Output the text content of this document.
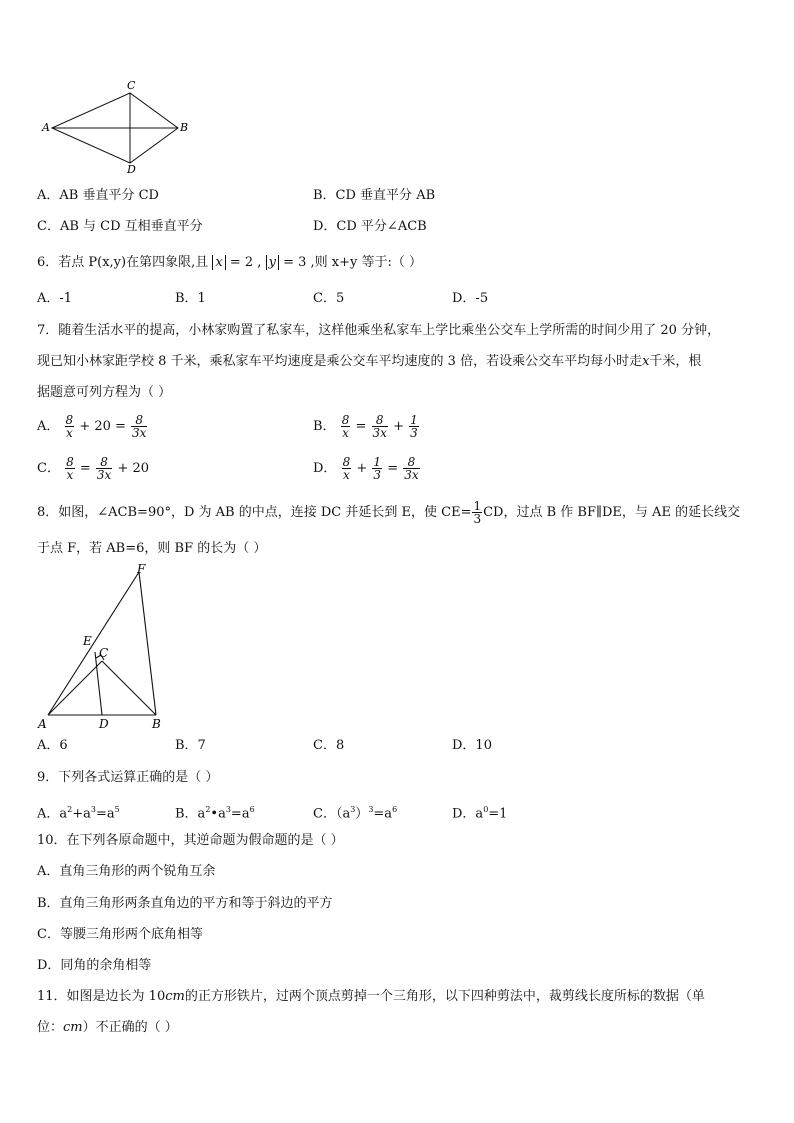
C
A	B
D
A．AB 垂直平分 CD	B．CD 垂直平分 AB
C．AB 与 CD 互相垂直平分	D．CD 平分∠ACB
6．若点 P(x,y)在第四象限,且 x = 2 , y = 3 ,则 x+y 等于:（ ）
A．-1	B．1	C．5	D．-5
7．随着生活水平的提高，小林家购置了私家车，这样他乘坐私家车上学比乘坐公交车上学所需的时间少用了 20 分钟，
现已知小林家距学校 8 千米，乘私家车平均速度是乘公交车平均速度的 3 倍，若设乘公交车平均每小时走x千米，根
据题意可列方程为（ ）
A． $\frac{8}{x} + 20 = \frac{8}{3x}$	B． $\frac{8}{x} = \frac{8}{3x} + \frac{1}{3}$
C． $\frac{8}{x} = \frac{8}{3x} + 20$	D． $\frac{8}{x} + \frac{1}{3} = \frac{8}{3x}$
8．如图，∠ACB=90°，D 为 AB 的中点，连接 DC 并延长到 E，使 $CE= \frac{1}{3}$ CD，过点 B 作 BF∥DE，与 AE 的延长线交
于点 F，若 AB=6，则 BF 的长为（ ）
F
E
C
A	D	B
A．6	B．7	C．8	D．10
9．下列各式运算正确的是（ ）
A．$a^2+a^3=a^5$	B．$a^2•a^3=a^6$	C．$(a^3)^3=a^6$	D．$a^0=1$
10．在下列各原命题中，其逆命题为假命题的是（ ）
A．直角三角形的两个锐角互余
B．直角三角形两条直角边的平方和等于斜边的平方
C．等腰三角形两个底角相等
D．同角的余角相等
11．如图是边长为 10cm的正方形铁片，过两个顶点剪掉一个三角形，以下四种剪法中，裁剪线长度所标的数据（单
位：cm）不正确的（ ）
